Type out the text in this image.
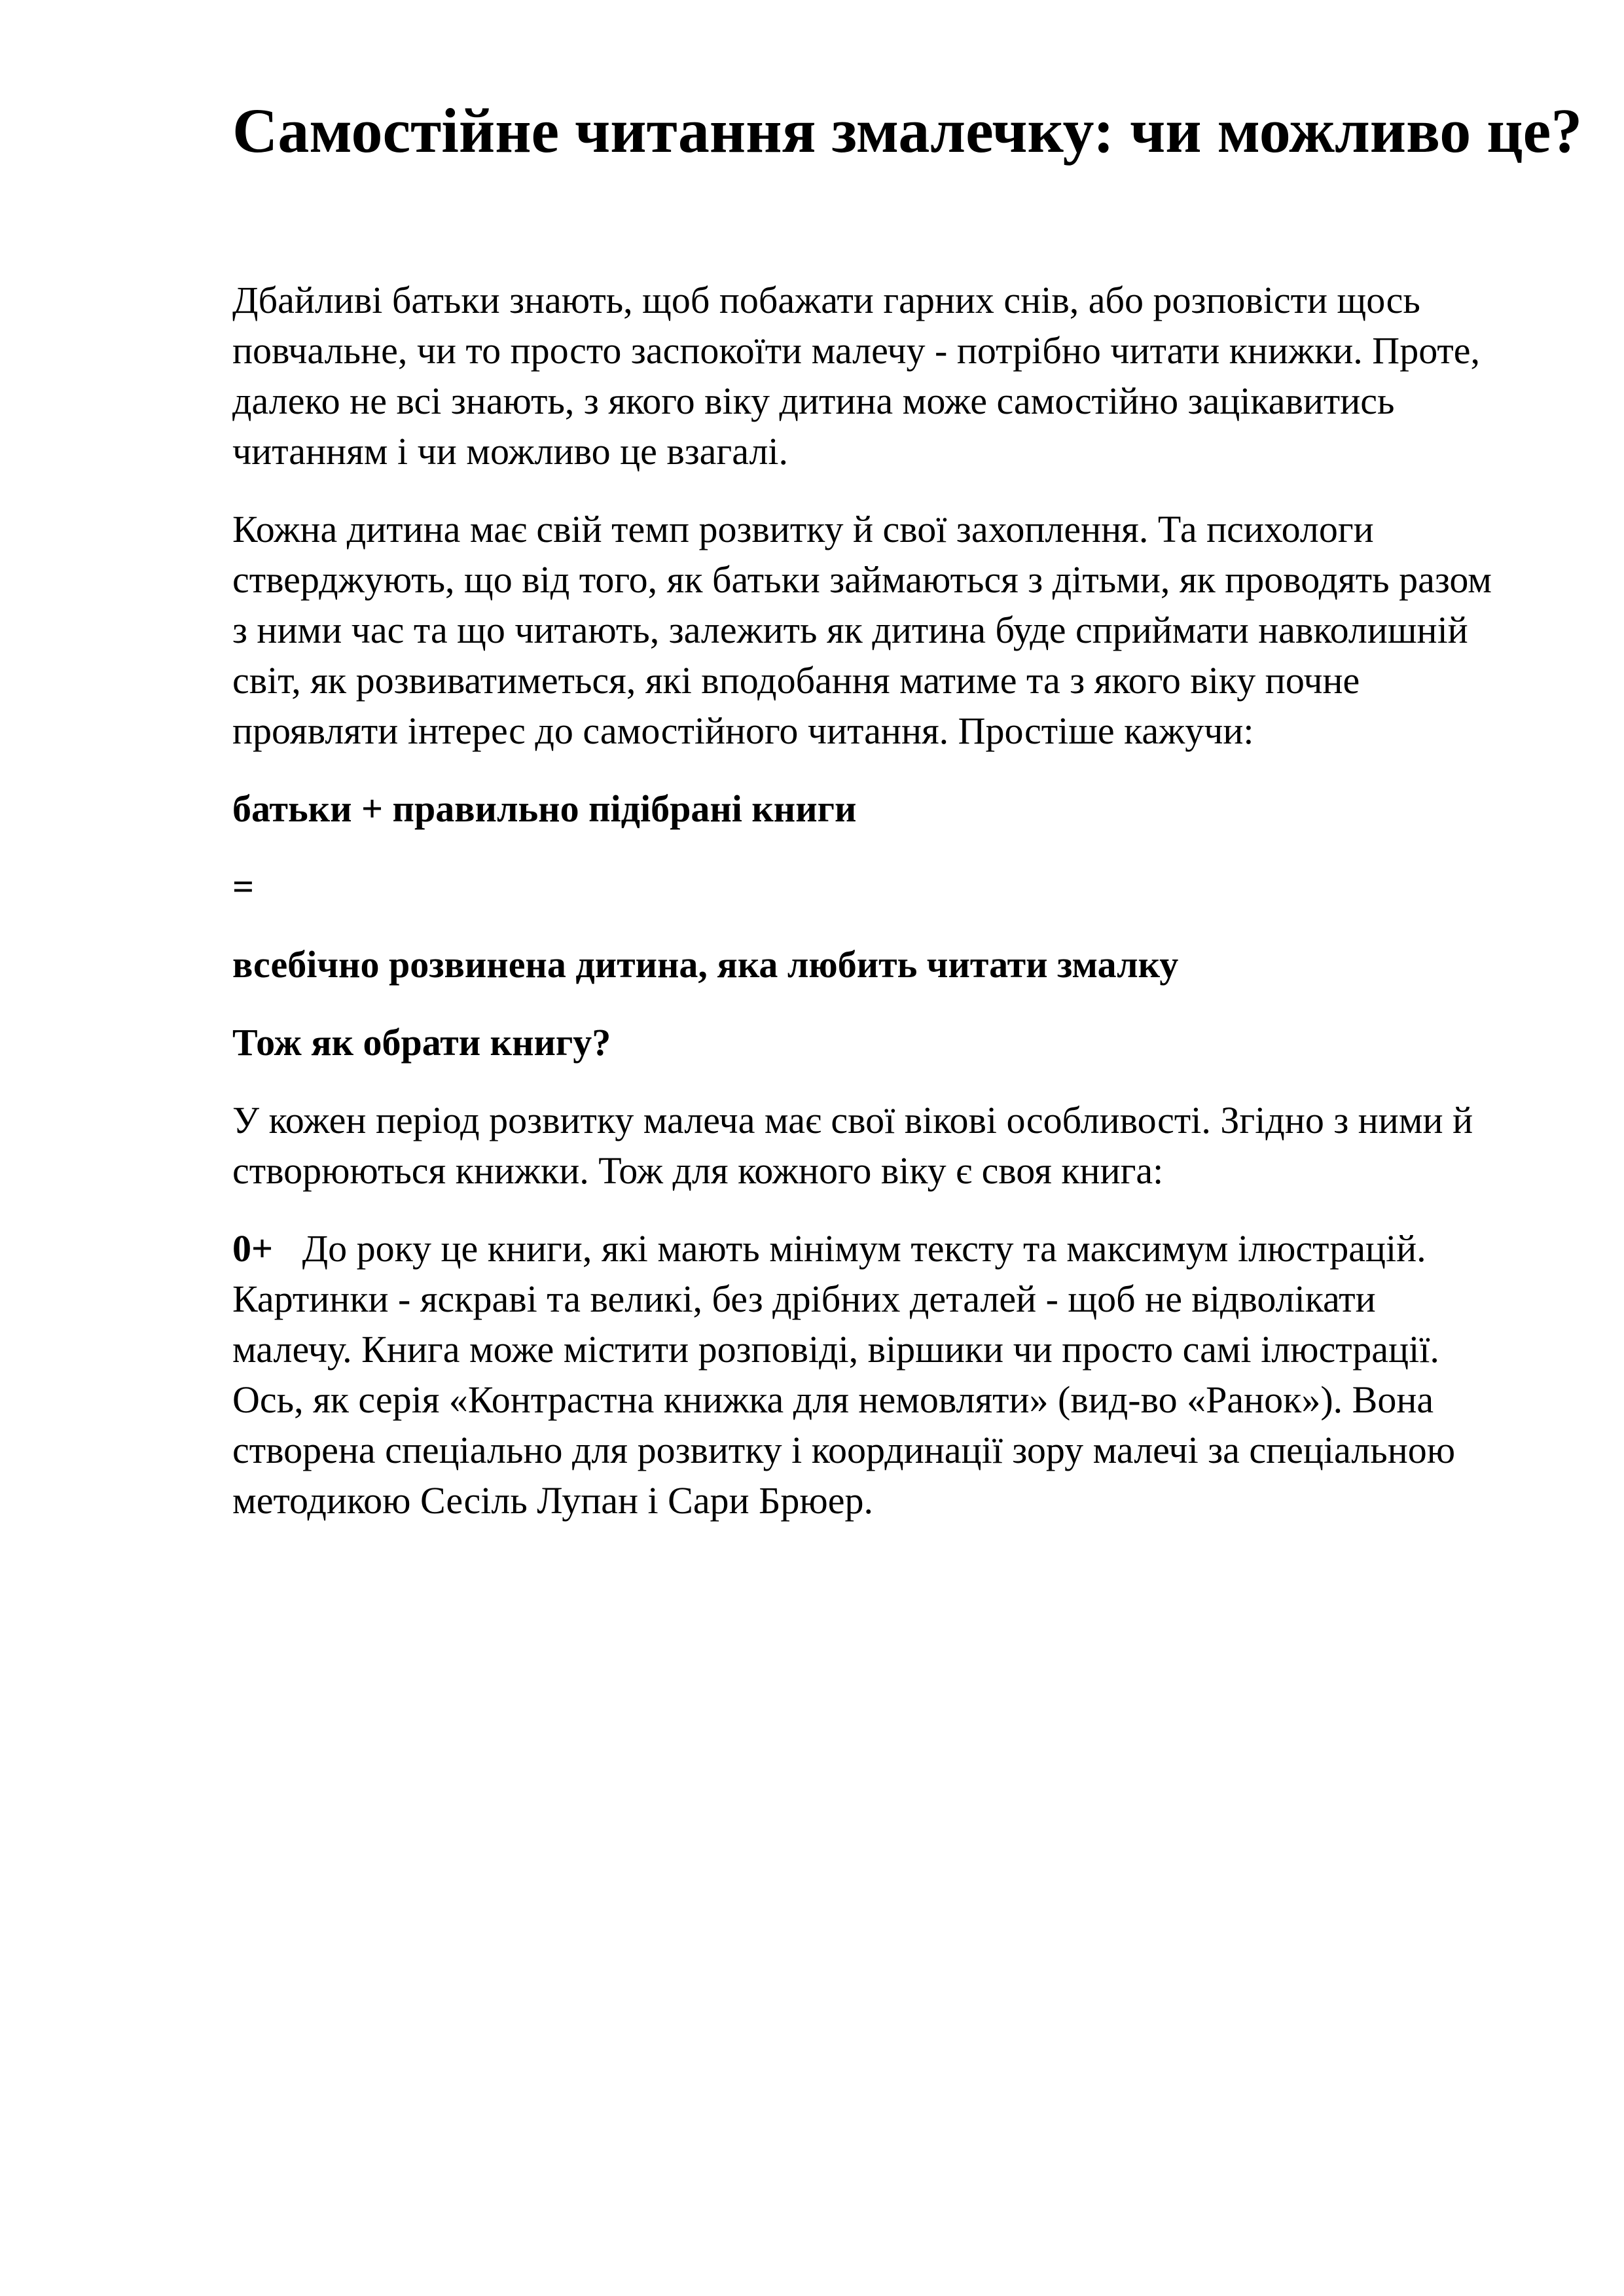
Самостійне читання змалечку: чи можливо це?

Дбайливі батьки знають, щоб побажати гарних снів, або розповісти щось повчальне, чи то просто заспокоїти малечу - потрібно читати книжки. Проте, далеко не всі знають, з якого віку дитина може самостійно зацікавитись читанням і чи можливо це взагалі.

Кожна дитина має свій темп розвитку й свої захоплення. Та психологи стверджують, що від того, як батьки займаються з дітьми, як проводять разом з ними час та що читають, залежить як дитина буде сприймати навколишній світ, як розвиватиметься, які вподобання матиме та з якого віку почне проявляти інтерес до самостійного читання. Простіше кажучи:

батьки + правильно підібрані книги

=

всебічно розвинена дитина, яка любить читати змалку

Тож як обрати книгу?

У кожен період розвитку малеча має свої вікові особливості. Згідно з ними й створюються книжки. Тож для кожного віку є своя книга:

0+ До року це книги, які мають мінімум тексту та максимум ілюстрацій. Картинки - яскраві та великі, без дрібних деталей - щоб не відволікати малечу. Книга може містити розповіді, віршики чи просто самі ілюстрації. Ось, як серія «Контрастна книжка для немовляти» (вид-во «Ранок»). Вона створена спеціально для розвитку і координації зору малечі за спеціальною методикою Сесіль Лупан і Сари Брюер.
